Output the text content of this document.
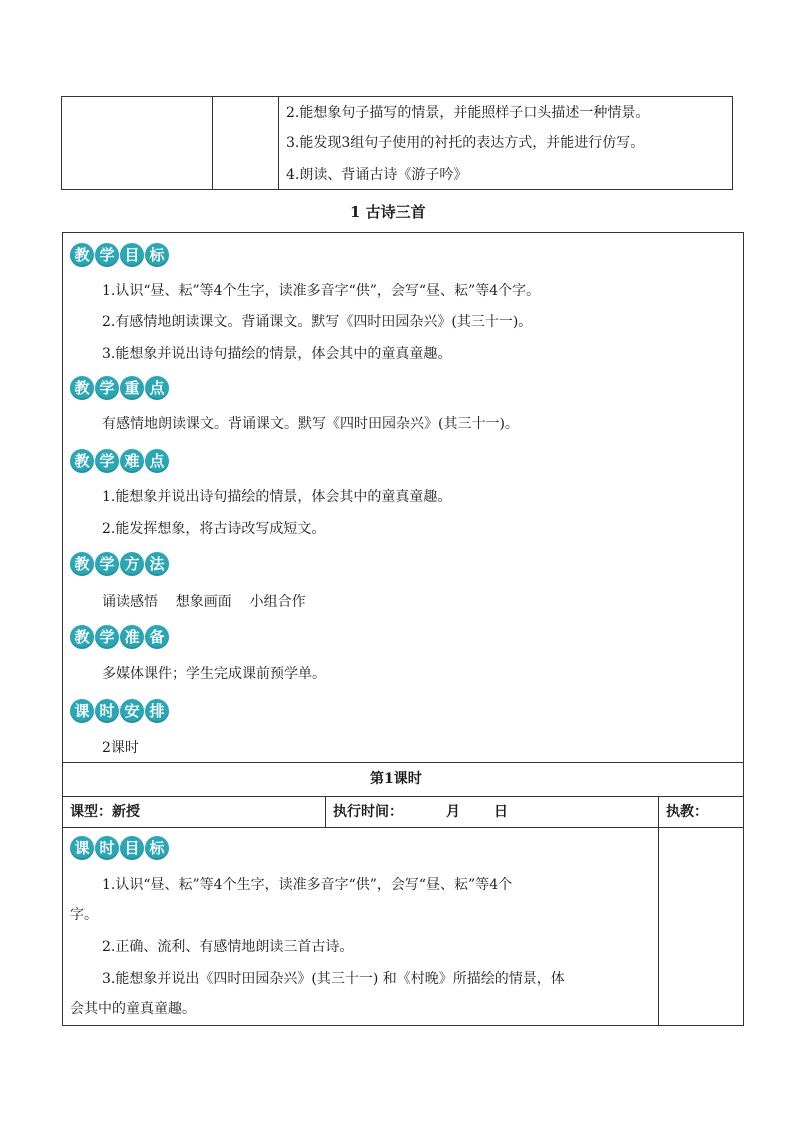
2.能想象句子描写的情景，并能照样子口头描述一种情景。
3.能发现3组句子使用的衬托的表达方式，并能进行仿写。
4.朗读、背诵古诗《游子吟》
1 古诗三首
教 学 目 标
1.认识“昼、耘”等4个生字，读准多音字“供”，会写“昼、耘”等4个字。
2.有感情地朗读课文。背诵课文。默写《四时田园杂兴》(其三十一)。
3.能想象并说出诗句描绘的情景，体会其中的童真童趣。
教 学 重 点
有感情地朗读课文。背诵课文。默写《四时田园杂兴》(其三十一)。
教 学 难 点
1.能想象并说出诗句描绘的情景，体会其中的童真童趣。
2.能发挥想象，将古诗改写成短文。
教 学 方 法
诵读感悟    想象画面    小组合作
教 学 准 备
多媒体课件；学生完成课前预学单。
课 时 安 排
2课时
第1课时
课型：新授	执行时间：	月 日	执教：
课 时 目 标
1.认识“昼、耘”等4个生字，读准多音字“供”，会写“昼、耘”等4个
字。
2.正确、流利、有感情地朗读三首古诗。
3.能想象并说出《四时田园杂兴》(其三十一) 和《村晚》所描绘的情景，体
会其中的童真童趣。
